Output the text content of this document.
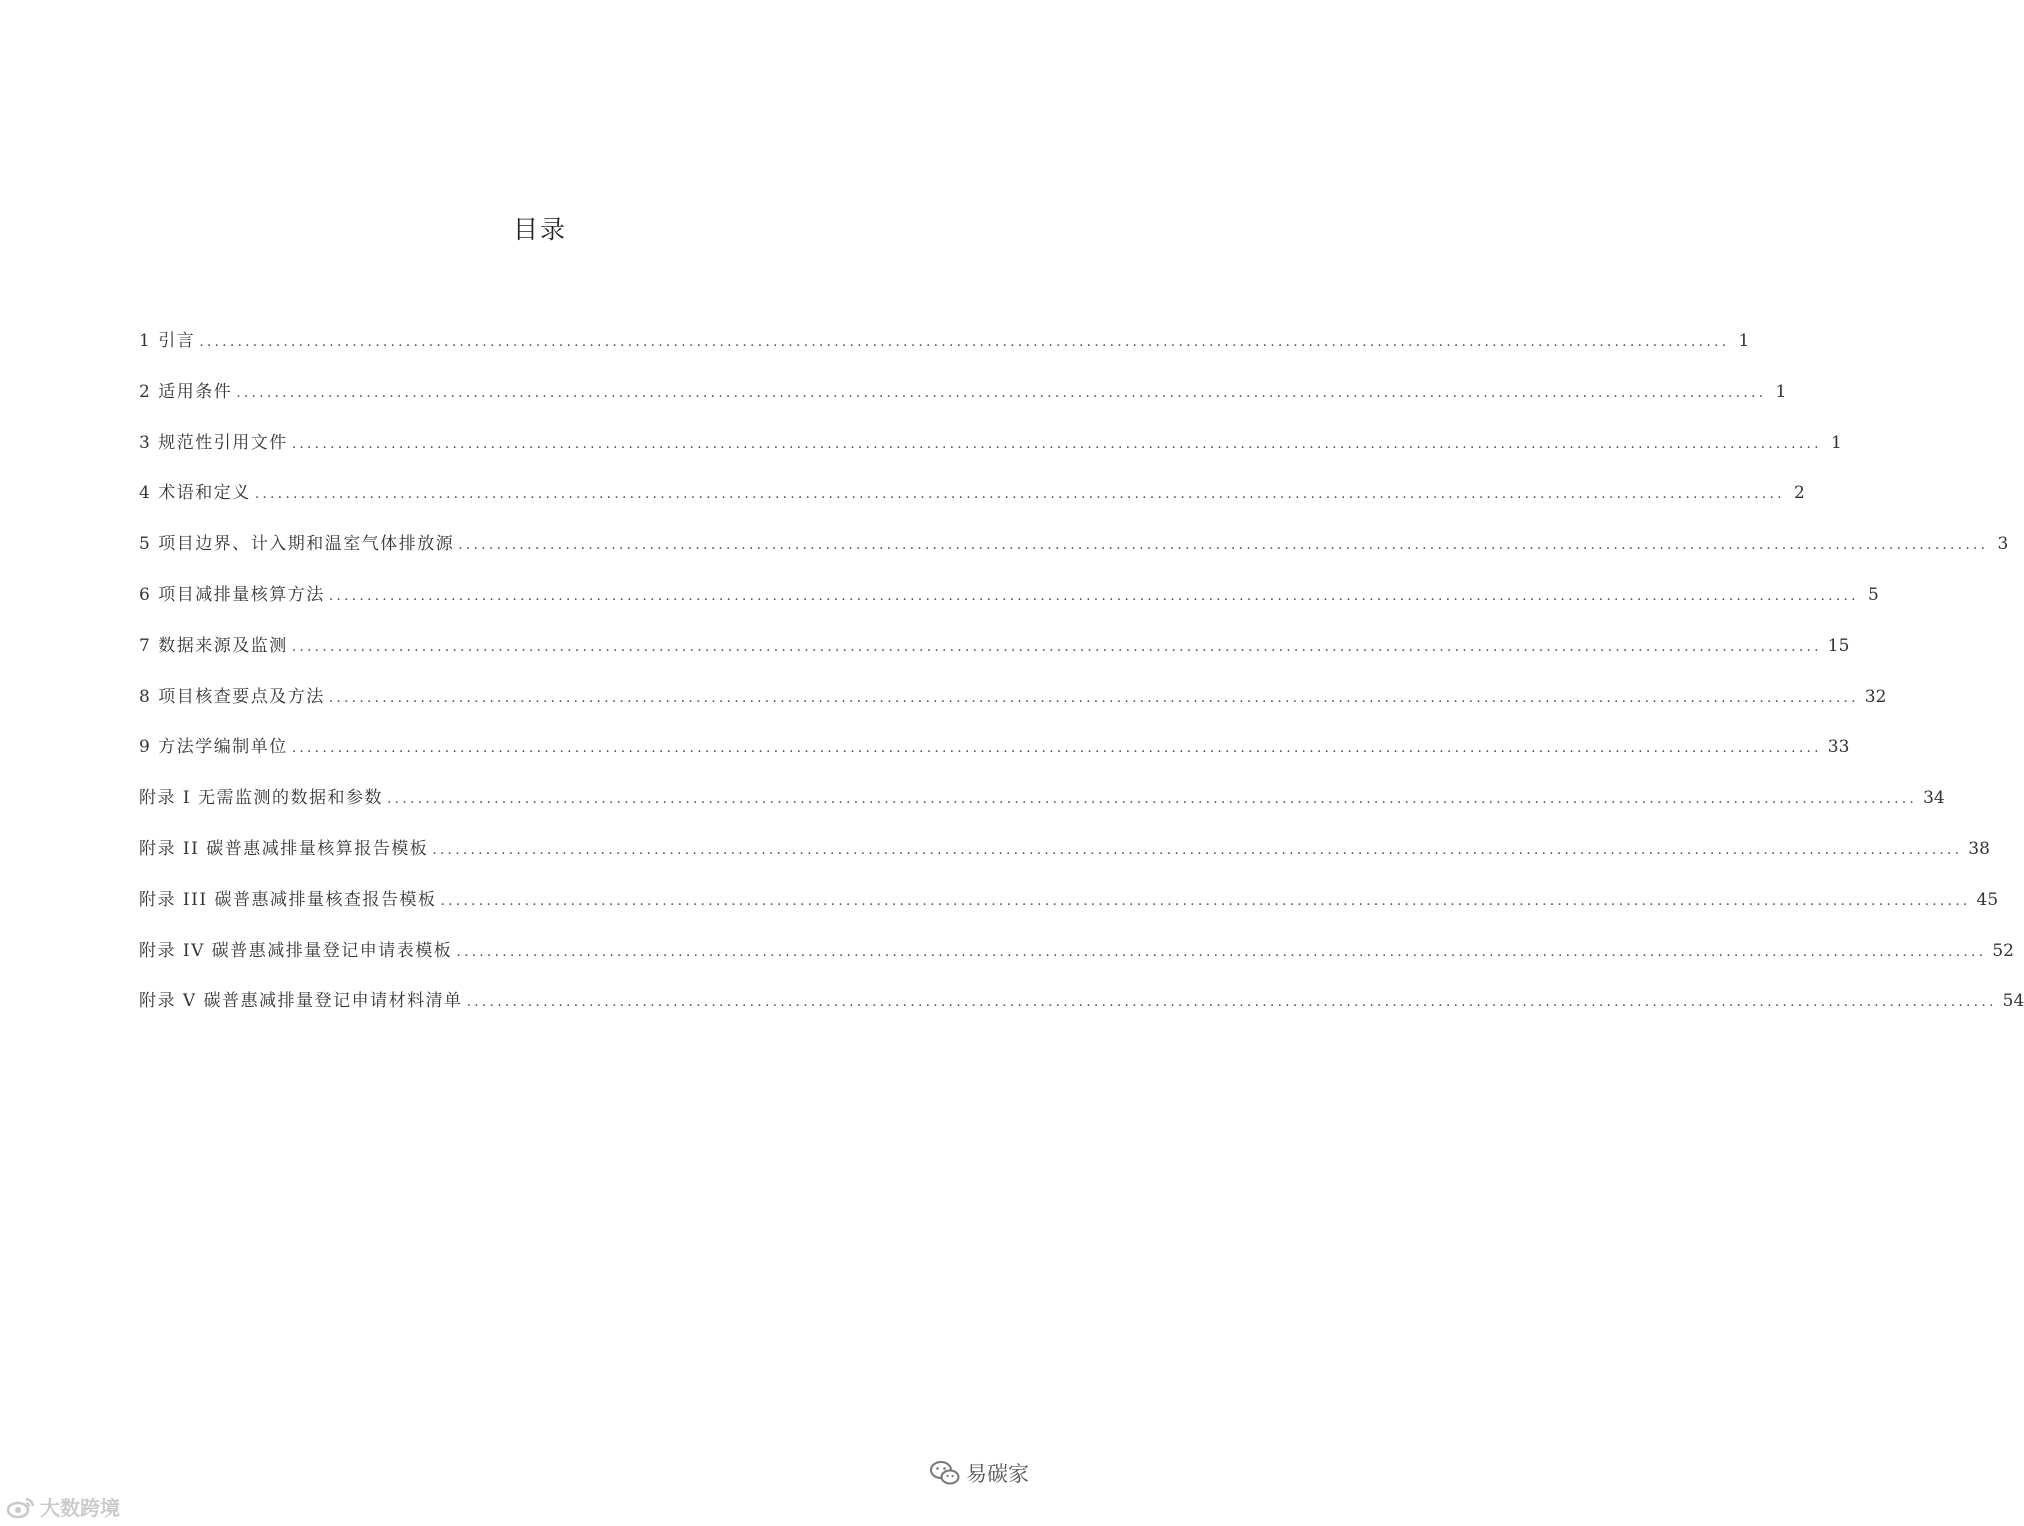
目录
1 引言 ........................................................................................................................................................................................................ 1
2 适用条件 ........................................................................................................................................................................................................ 1
3 规范性引用文件 ........................................................................................................................................................................................................ 1
4 术语和定义 ........................................................................................................................................................................................................ 2
5 项目边界、计入期和温室气体排放源 ........................................................................................................................................................................................................ 3
6 项目减排量核算方法 ........................................................................................................................................................................................................ 5
7 数据来源及监测 ........................................................................................................................................................................................................ 15
8 项目核查要点及方法 ........................................................................................................................................................................................................ 32
9 方法学编制单位 ........................................................................................................................................................................................................ 33
附录 I 无需监测的数据和参数 ........................................................................................................................................................................................................ 34
附录 II 碳普惠减排量核算报告模板 ........................................................................................................................................................................................................ 38
附录 III 碳普惠减排量核查报告模板 ........................................................................................................................................................................................................ 45
附录 IV 碳普惠减排量登记申请表模板 ........................................................................................................................................................................................................ 52
附录 V 碳普惠减排量登记申请材料清单 ........................................................................................................................................................................................................ 54
大数跨境
易碳家
